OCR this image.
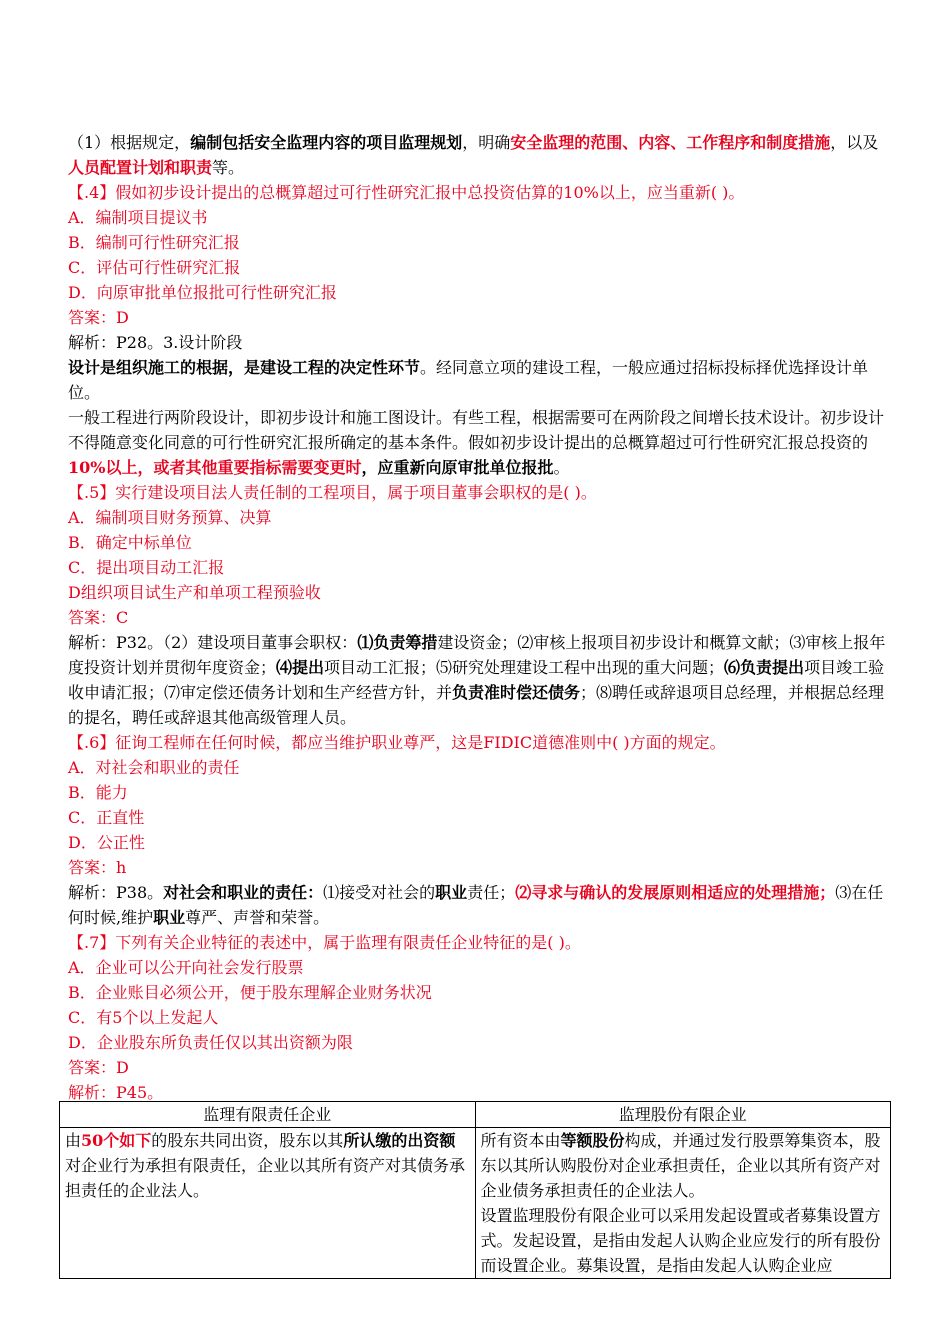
（1）根据规定，编制包括安全监理内容的项目监理规划，明确安全监理的范围、内容、工作程序和制度措施，以及人员配置计划和职责等。

【.4】假如初步设计提出的总概算超过可行性研究汇报中总投资估算的10%以上，应当重新( )。

A．编制项目提议书

B．编制可行性研究汇报

C．评估可行性研究汇报

D．向原审批单位报批可行性研究汇报

答案：D

解析：P28。3.设计阶段

设计是组织施工的根据，是建设工程的决定性环节。经同意立项的建设工程，一般应通过招标投标择优选择设计单位。

一般工程进行两阶段设计，即初步设计和施工图设计。有些工程，根据需要可在两阶段之间增长技术设计。初步设计不得随意变化同意的可行性研究汇报所确定的基本条件。假如初步设计提出的总概算超过可行性研究汇报总投资的10%以上，或者其他重要指标需要变更时，应重新向原审批单位报批。

【.5】实行建设项目法人责任制的工程项目，属于项目董事会职权的是( )。

A．编制项目财务预算、决算

B．确定中标单位

C．提出项目动工汇报

D组织项目试生产和单项工程预验收

答案：C

解析：P32。（2）建设项目董事会职权：⑴负责筹措建设资金；⑵审核上报项目初步设计和概算文献；⑶审核上报年度投资计划并贯彻年度资金；⑷提出项目动工汇报；⑸研究处理建设工程中出现的重大问题；⑹负责提出项目竣工验收申请汇报；⑺审定偿还债务计划和生产经营方针，并负责准时偿还债务；⑻聘任或辞退项目总经理，并根据总经理的提名，聘任或辞退其他高级管理人员。

【.6】征询工程师在任何时候，都应当维护职业尊严，这是FIDIC道德准则中( )方面的规定。

A．对社会和职业的责任

B．能力

C．正直性

D．公正性

答案：h

解析：P38。对社会和职业的责任：⑴接受对社会的职业责任；⑵寻求与确认的发展原则相适应的处理措施；⑶在任何时候,维护职业尊严、声誉和荣誉。

【.7】下列有关企业特征的表述中，属于监理有限责任企业特征的是( )。

A．企业可以公开向社会发行股票

B．企业账目必须公开，便于股东理解企业财务状况

C．有5个以上发起人

D．企业股东所负责任仅以其出资额为限

答案：D

解析：P45。

监理有限责任企业	监理股份有限企业
由50个如下的股东共同出资，股东以其所认缴的出资额对企业行为承担有限责任，企业以其所有资产对其债务承担责任的企业法人。	所有资本由等额股份构成，并通过发行股票筹集资本，股东以其所认购股份对企业承担责任，企业以其所有资产对企业债务承担责任的企业法人。
设置监理股份有限企业可以采用发起设置或者募集设置方式。发起设置，是指由发起人认购企业应发行的所有股份而设置企业。募集设置，是指由发起人认购企业应
